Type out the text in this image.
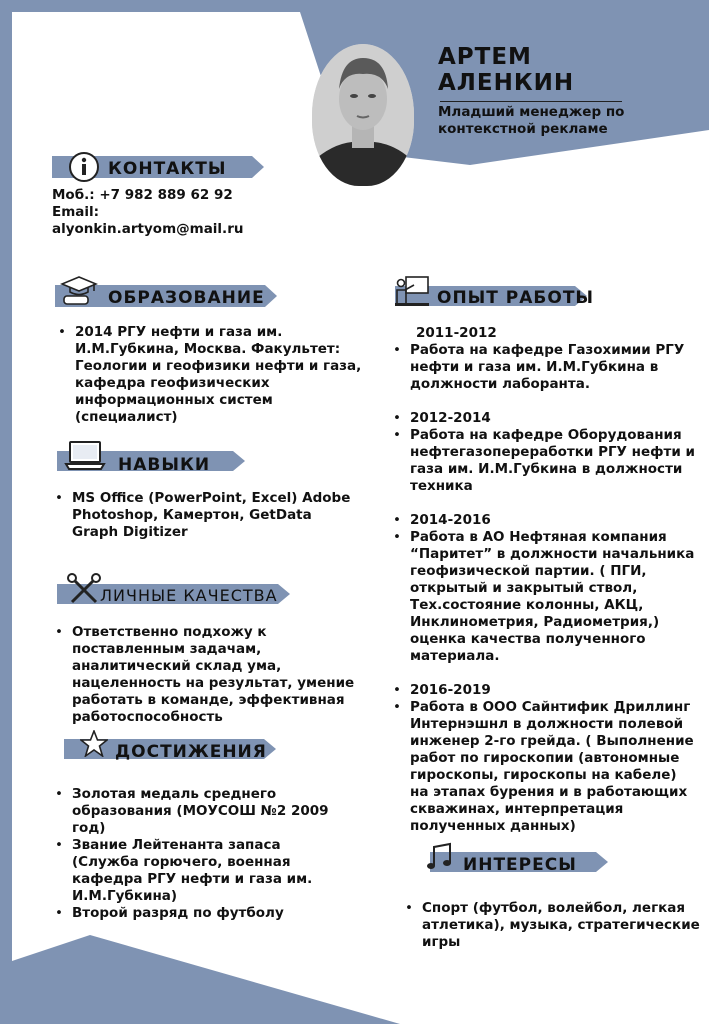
АРТЕМ
АЛЕНКИН
Младший менеджер по контекстной рекламе
КОНТАКТЫ
Моб.: +7 982 889 62 92
Email:
alyonkin.artyom@mail.ru
ОБРАЗОВАНИЕ
• 2014 РГУ нефти и газа им. И.М.Губкина, Москва. Факультет: Геологии и геофизики нефти и газа, кафедра геофизических информационных систем (специалист)
НАВЫКИ
• MS Office (PowerPoint, Excel) Adobe Photoshop, Камертон, GetData Graph Digitizer
ЛИЧНЫЕ КАЧЕСТВА
• Ответственно подхожу к поставленным задачам, аналитический склад ума, нацеленность на результат, умение работать в команде, эффективная работоспособность
ДОСТИЖЕНИЯ
• Золотая медаль среднего образования (МОУСОШ №2 2009 год)
• Звание Лейтенанта запаса (Служба горючего, военная кафедра РГУ нефти и газа им. И.М.Губкина)
• Второй разряд по футболу
ОПЫТ РАБОТЫ
2011-2012
• Работа на кафедре Газохимии РГУ нефти и газа им. И.М.Губкина в должности лаборанта.
• 2012-2014
• Работа на кафедре Оборудования нефтегазопереработки РГУ нефти и газа им. И.М.Губкина в должности техника
• 2014-2016
• Работа в АО Нефтяная компания “Паритет” в должности начальника геофизической партии. ( ПГИ, открытый и закрытый ствол, Тех.состояние колонны, АКЦ, Инклинометрия, Радиометрия,) оценка качества полученного материала.
• 2016-2019
• Работа в ООО Сайнтифик Дриллинг Интернэшнл в должности полевой инженер 2-го грейда. ( Выполнение работ по гироскопии (автономные гироскопы, гироскопы на кабеле) на этапах бурения и в работающих скважинах, интерпретация полученных данных)
ИНТЕРЕСЫ
• Спорт (футбол, волейбол, легкая атлетика), музыка, стратегические игры
